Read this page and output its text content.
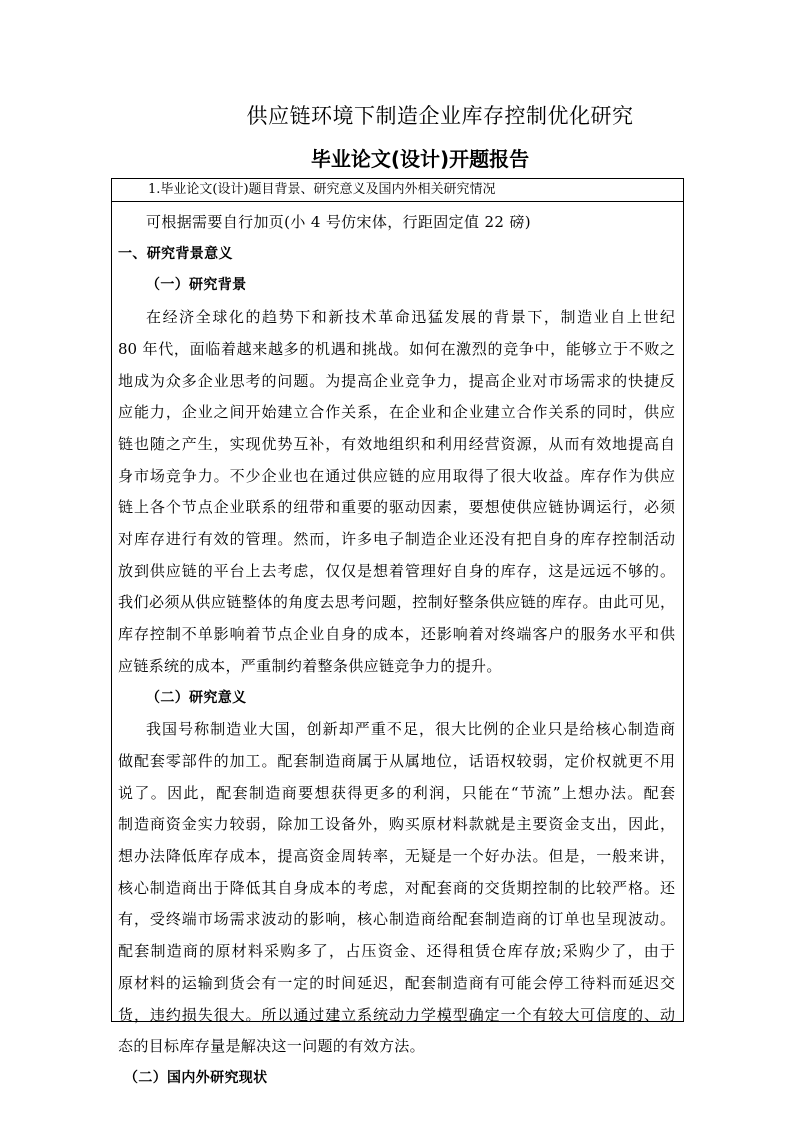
供应链环境下制造企业库存控制优化研究
毕业论文(设计)开题报告
1.毕业论文(设计)题目背景、研究意义及国内外相关研究情况
可根据需要自行加页(小 4 号仿宋体，行距固定值 22 磅)
一、研究背景意义
（一）研究背景
在经济全球化的趋势下和新技术革命迅猛发展的背景下，制造业自上世纪
80 年代，面临着越来越多的机遇和挑战。如何在激烈的竞争中，能够立于不败之
地成为众多企业思考的问题。为提高企业竞争力，提高企业对市场需求的快捷反
应能力，企业之间开始建立合作关系，在企业和企业建立合作关系的同时，供应
链也随之产生，实现优势互补，有效地组织和利用经营资源，从而有效地提高自
身市场竞争力。不少企业也在通过供应链的应用取得了很大收益。库存作为供应
链上各个节点企业联系的纽带和重要的驱动因素，要想使供应链协调运行，必须
对库存进行有效的管理。然而，许多电子制造企业还没有把自身的库存控制活动
放到供应链的平台上去考虑，仅仅是想着管理好自身的库存，这是远远不够的。
我们必须从供应链整体的角度去思考问题，控制好整条供应链的库存。由此可见，
库存控制不单影响着节点企业自身的成本，还影响着对终端客户的服务水平和供
应链系统的成本，严重制约着整条供应链竞争力的提升。
（二）研究意义
我国号称制造业大国，创新却严重不足，很大比例的企业只是给核心制造商
做配套零部件的加工。配套制造商属于从属地位，话语权较弱，定价权就更不用
说了。因此，配套制造商要想获得更多的利润，只能在“节流”上想办法。配套
制造商资金实力较弱，除加工设备外，购买原材料款就是主要资金支出，因此，
想办法降低库存成本，提高资金周转率，无疑是一个好办法。但是，一般来讲，
核心制造商出于降低其自身成本的考虑，对配套商的交货期控制的比较严格。还
有，受终端市场需求波动的影响，核心制造商给配套制造商的订单也呈现波动。
配套制造商的原材料采购多了，占压资金、还得租赁仓库存放;采购少了，由于
原材料的运输到货会有一定的时间延迟，配套制造商有可能会停工待料而延迟交
货，违约损失很大。所以通过建立系统动力学模型确定一个有较大可信度的、动
态的目标库存量是解决这一问题的有效方法。
（二）国内外研究现状
